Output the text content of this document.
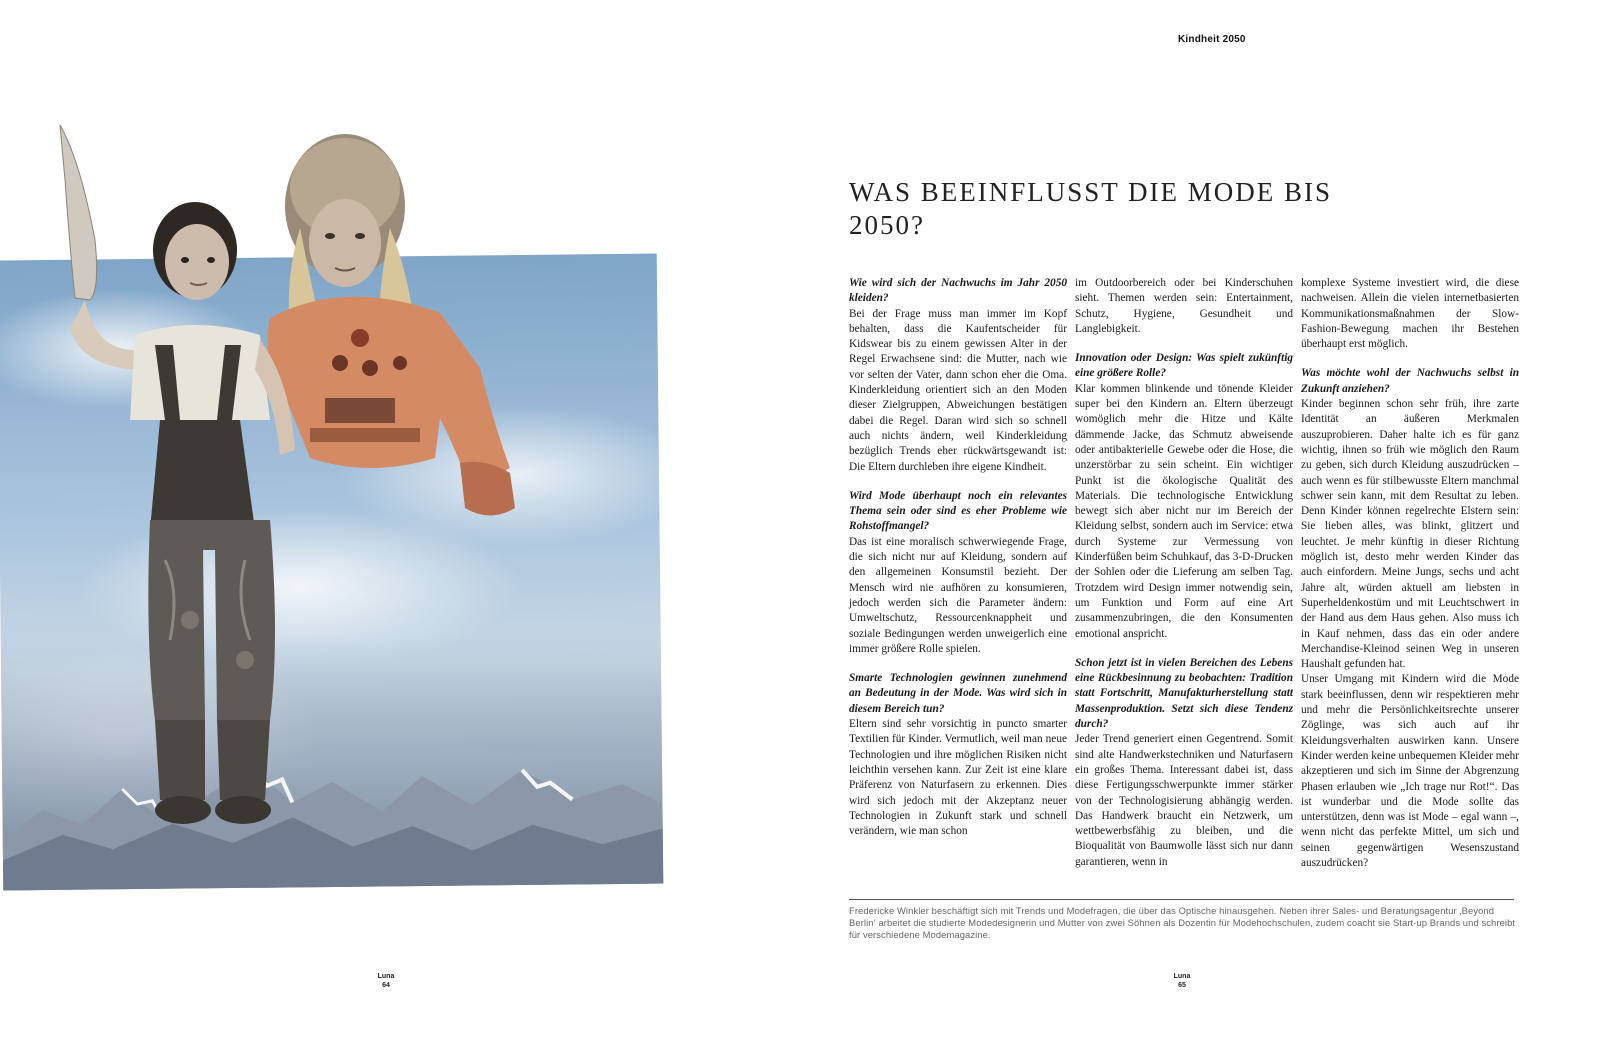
Luna
64
Kindheit 2050
WAS BEEINFLUSST DIE MODE BIS 2050?

Wie wird sich der Nachwuchs im Jahr 2050 kleiden?

Bei der Frage muss man immer im Kopf behalten, dass die Kaufentscheider für Kidswear bis zu einem gewissen Alter in der Regel Erwachsene sind: die Mutter, nach wie vor selten der Vater, dann schon eher die Oma. Kinderkleidung orientiert sich an den Moden dieser Zielgruppen, Abweichungen bestätigen dabei die Regel. Daran wird sich so schnell auch nichts ändern, weil Kinderkleidung bezüglich Trends eher rückwärtsgewandt ist: Die Eltern durchleben ihre eigene Kindheit.

Wird Mode überhaupt noch ein relevantes Thema sein oder sind es eher Probleme wie Rohstoffmangel?

Das ist eine moralisch schwerwiegende Frage, die sich nicht nur auf Kleidung, sondern auf den allgemeinen Konsumstil bezieht. Der Mensch wird nie aufhören zu konsumieren, jedoch werden sich die Parameter ändern: Umweltschutz, Ressourcenknappheit und soziale Bedingungen werden unweigerlich eine immer größere Rolle spielen.

Smarte Technologien gewinnen zunehmend an Bedeutung in der Mode. Was wird sich in diesem Bereich tun?

Eltern sind sehr vorsichtig in puncto smarter Textilien für Kinder. Vermutlich, weil man neue Technologien und ihre möglichen Risiken nicht leichthin versehen kann. Zur Zeit ist eine klare Präferenz von Naturfasern zu erkennen. Dies wird sich jedoch mit der Akzeptanz neuer Technologien in Zukunft stark und schnell verändern, wie man schon

im Outdoorbereich oder bei Kinderschuhen sieht. Themen werden sein: Entertainment, Schutz, Hygiene, Gesundheit und Langlebigkeit.

Innovation oder Design: Was spielt zukünftig eine größere Rolle?

Klar kommen blinkende und tönende Kleider super bei den Kindern an. Eltern überzeugt womöglich mehr die Hitze und Kälte dämmende Jacke, das Schmutz abweisende oder antibakterielle Gewebe oder die Hose, die unzerstörbar zu sein scheint. Ein wichtiger Punkt ist die ökologische Qualität des Materials. Die technologische Entwicklung bewegt sich aber nicht nur im Bereich der Kleidung selbst, sondern auch im Service: etwa durch Systeme zur Vermessung von Kinderfüßen beim Schuhkauf, das 3-D-Drucken der Sohlen oder die Lieferung am selben Tag. Trotzdem wird Design immer notwendig sein, um Funktion und Form auf eine Art zusammenzubringen, die den Konsumenten emotional anspricht.

Schon jetzt ist in vielen Bereichen des Lebens eine Rückbesinnung zu beobachten: Tradition statt Fortschritt, Manufakturherstellung statt Massenproduktion. Setzt sich diese Tendenz durch?

Jeder Trend generiert einen Gegentrend. Somit sind alte Handwerkstechniken und Naturfasern ein großes Thema. Interessant dabei ist, dass diese Fertigungsschwerpunkte immer stärker von der Technologisierung abhängig werden. Das Handwerk braucht ein Netzwerk, um wettbewerbsfähig zu bleiben, und die Bioqualität von Baumwolle lässt sich nur dann garantieren, wenn in

komplexe Systeme investiert wird, die diese nachweisen. Allein die vielen internetbasierten Kommunikationsmaßnahmen der Slow-Fashion-Bewegung machen ihr Bestehen überhaupt erst möglich.

Was möchte wohl der Nachwuchs selbst in Zukunft anziehen?

Kinder beginnen schon sehr früh, ihre zarte Identität an äußeren Merkmalen auszuprobieren. Daher halte ich es für ganz wichtig, ihnen so früh wie möglich den Raum zu geben, sich durch Kleidung auszudrücken – auch wenn es für stilbewusste Eltern manchmal schwer sein kann, mit dem Resultat zu leben. Denn Kinder können regelrechte Elstern sein: Sie lieben alles, was blinkt, glitzert und leuchtet. Je mehr künftig in dieser Richtung möglich ist, desto mehr werden Kinder das auch einfordern. Meine Jungs, sechs und acht Jahre alt, würden aktuell am liebsten in Superheldenkostüm und mit Leuchtschwert in der Hand aus dem Haus gehen. Also muss ich in Kauf nehmen, dass das ein oder andere Merchandise-Kleinod seinen Weg in unseren Haushalt gefunden hat.
Unser Umgang mit Kindern wird die Mode stark beeinflussen, denn wir respektieren mehr und mehr die Persönlichkeitsrechte unserer Zöglinge, was sich auch auf ihr Kleidungsverhalten auswirken kann. Unsere Kinder werden keine unbequemen Kleider mehr akzeptieren und sich im Sinne der Abgrenzung Phasen erlauben wie „Ich trage nur Rot!“. Das ist wunderbar und die Mode sollte das unterstützen, denn was ist Mode – egal wann –, wenn nicht das perfekte Mittel, um sich und seinen gegenwärtigen Wesenszustand auszudrücken?

Fredericke Winkler beschäftigt sich mit Trends und Modefragen, die über das Optische hinausgehen. Neben ihrer Sales- und Beratungsagentur ‚Beyond Berlin‘ arbeitet die studierte Modedesignerin und Mutter von zwei Söhnen als Dozentin für Modehochschulen, zudem coacht sie Start-up Brands und schreibt für verschiedene Modemagazine.
Luna
65
